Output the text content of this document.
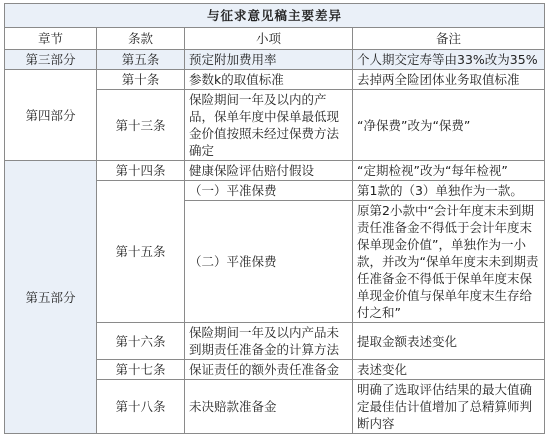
与征求意见稿主要差异			
章节	条款	小项	备注
第三部分	第五条	预定附加费用率	个人期交定寿等由33%改为35%
第四部分	第十条	参数k的取值标准	去掉两全险团体业务取值标准
	第十三条	保险期间一年及以内的产品，保单年度中保单最低现金价值按照未经过保费方法确定	“净保费”改为“保费”
第五部分	第十四条	健康保险评估赔付假设	“定期检视”改为“每年检视”
	第十五条	（一）平准保费	第1款的（3）单独作为一款。
		（二）平准保费	原第2小款中“会计年度末未到期责任准备金不得低于会计年度末保单现金价值”，单独作为一小款，并改为“保单年度末未到期责任准备金不得低于保单年度末保单现金价值与保单年度末生存给付之和”
	第十六条	保险期间一年及以内产品未到期责任准备金的计算方法	提取金额表述变化
	第十七条	保证责任的额外责任准备金	表述变化
	第十八条	未决赔款准备金	明确了选取评估结果的最大值确定最佳估计值增加了总精算师判断内容
